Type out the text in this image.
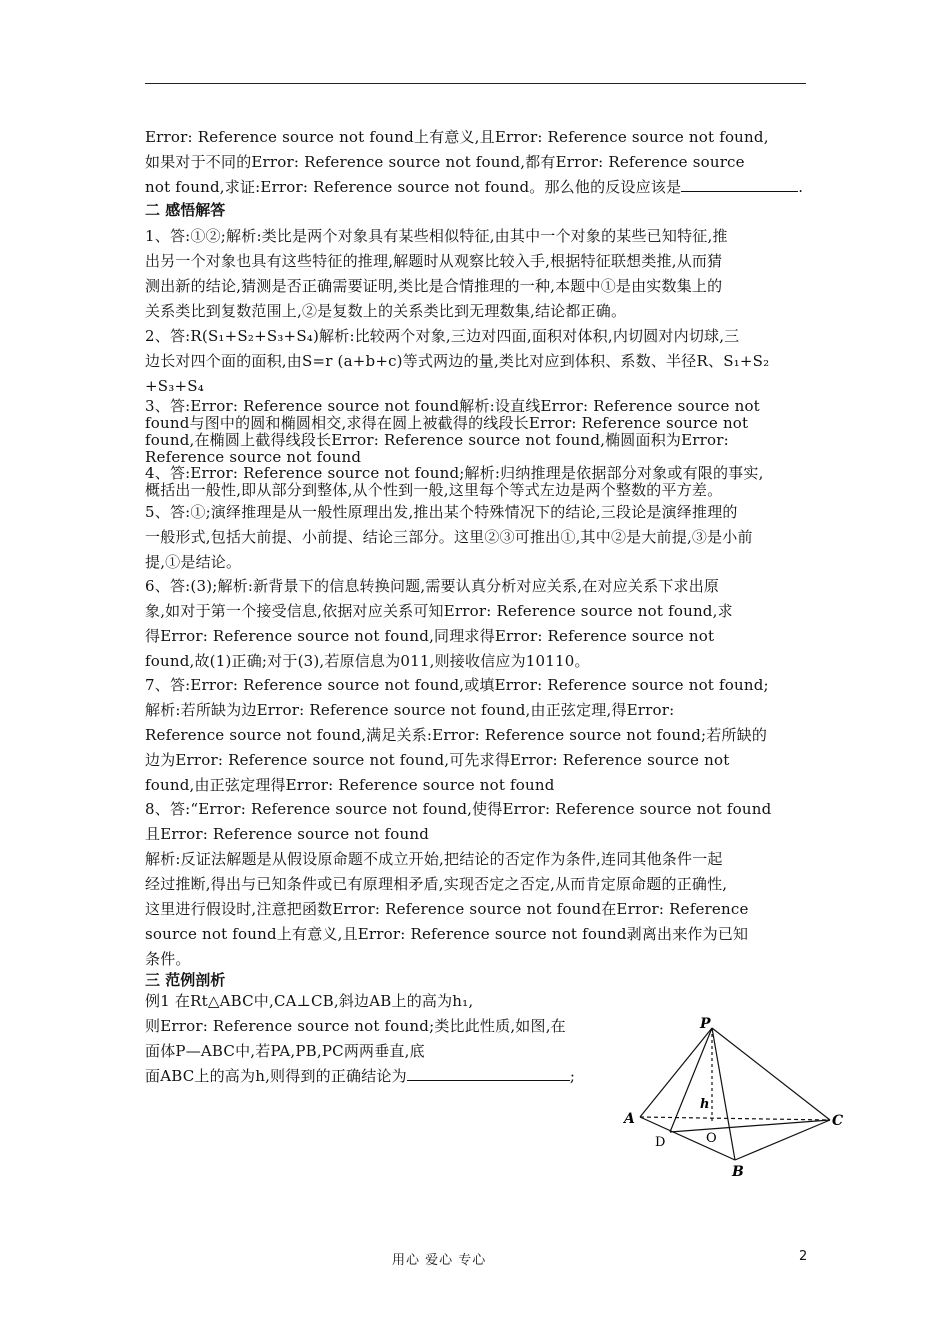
Error: Reference source not found上有意义,且Error: Reference source not found,
如果对于不同的Error: Reference source not found,都有Error: Reference source
not found,求证:Error: Reference source not found。那么他的反设应该是	.
二 感悟解答
1、答:①②;解析:类比是两个对象具有某些相似特征,由其中一个对象的某些已知特征,推
出另一个对象也具有这些特征的推理,解题时从观察比较入手,根据特征联想类推,从而猜
测出新的结论,猜测是否正确需要证明,类比是合情推理的一种,本题中①是由实数集上的
关系类比到复数范围上,②是复数上的关系类比到无理数集,结论都正确。
2、答:R(S₁+S₂+S₃+S₄)解析:比较两个对象,三边对四面,面积对体积,内切圆对内切球,三
边长对四个面的面积,由S=r (a+b+c)等式两边的量,类比对应到体积、系数、半径R、S₁+S₂
+S₃+S₄
3、答:Error: Reference source not found解析:设直线Error: Reference source not
found与图中的圆和椭圆相交,求得在圆上被截得的线段长Error: Reference source not
found,在椭圆上截得线段长Error: Reference source not found,椭圆面积为Error:
Reference source not found
4、答:Error: Reference source not found;解析:归纳推理是依据部分对象或有限的事实,
概括出一般性,即从部分到整体,从个性到一般,这里每个等式左边是两个整数的平方差。
5、答:①;演绎推理是从一般性原理出发,推出某个特殊情况下的结论,三段论是演绎推理的
一般形式,包括大前提、小前提、结论三部分。这里②③可推出①,其中②是大前提,③是小前
提,①是结论。
6、答:(3);解析:新背景下的信息转换问题,需要认真分析对应关系,在对应关系下求出原
象,如对于第一个接受信息,依据对应关系可知Error: Reference source not found,求
得Error: Reference source not found,同理求得Error: Reference source not
found,故(1)正确;对于(3),若原信息为011,则接收信应为10110。
7、答:Error: Reference source not found,或填Error: Reference source not found;
解析:若所缺为边Error: Reference source not found,由正弦定理,得Error:
Reference source not found,满足关系:Error: Reference source not found;若所缺的
边为Error: Reference source not found,可先求得Error: Reference source not
found,由正弦定理得Error: Reference source not found
8、答:“Error: Reference source not found,使得Error: Reference source not found
且Error: Reference source not found
解析:反证法解题是从假设原命题不成立开始,把结论的否定作为条件,连同其他条件一起
经过推断,得出与已知条件或已有原理相矛盾,实现否定之否定,从而肯定原命题的正确性,
这里进行假设时,注意把函数Error: Reference source not found在Error: Reference
source not found上有意义,且Error: Reference source not found剥离出来作为已知
条件。
三 范例剖析
例1 在Rt△ABC中,CA⊥CB,斜边AB上的高为h₁,
则Error: Reference source not found;类比此性质,如图,在
面体P—ABC中,若PA,PB,PC两两垂直,底
面ABC上的高为h,则得到的正确结论为	;
P
A
B
C
D	O
h
用心 爱心 专心	2
